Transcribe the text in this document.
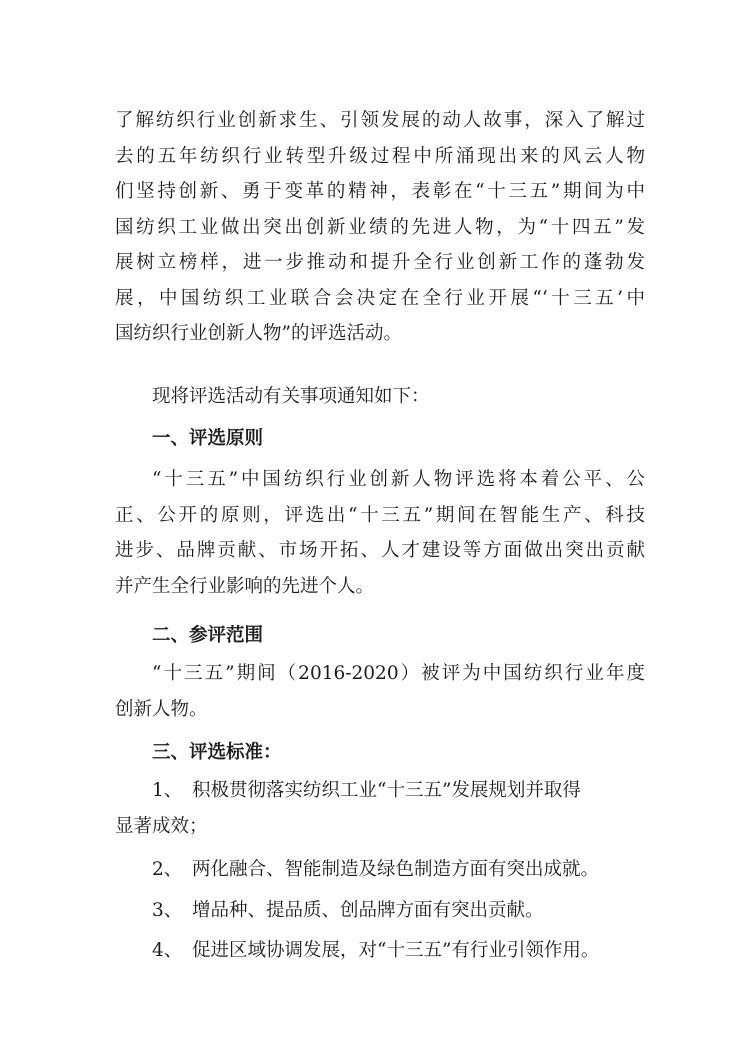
了解纺织行业创新求生、引领发展的动人故事，深入了解过
去的五年纺织行业转型升级过程中所涌现出来的风云人物
们坚持创新、勇于变革的精神，表彰在“十三五”期间为中
国纺织工业做出突出创新业绩的先进人物，为“十四五”发
展树立榜样，进一步推动和提升全行业创新工作的蓬勃发
展，中国纺织工业联合会决定在全行业开展“‘十三五’中
国纺织行业创新人物”的评选活动。
现将评选活动有关事项通知如下：
一、评选原则
“十三五”中国纺织行业创新人物评选将本着公平、公
正、公开的原则，评选出“十三五”期间在智能生产、科技
进步、品牌贡献、市场开拓、人才建设等方面做出突出贡献
并产生全行业影响的先进个人。
二、参评范围
“十三五”期间（2016-2020）被评为中国纺织行业年度
创新人物。
三、评选标准：
1、 积极贯彻落实纺织工业“十三五”发展规划并取得
显著成效；
2、 两化融合、智能制造及绿色制造方面有突出成就。
3、 增品种、提品质、创品牌方面有突出贡献。
4、 促进区域协调发展，对“十三五”有行业引领作用。
